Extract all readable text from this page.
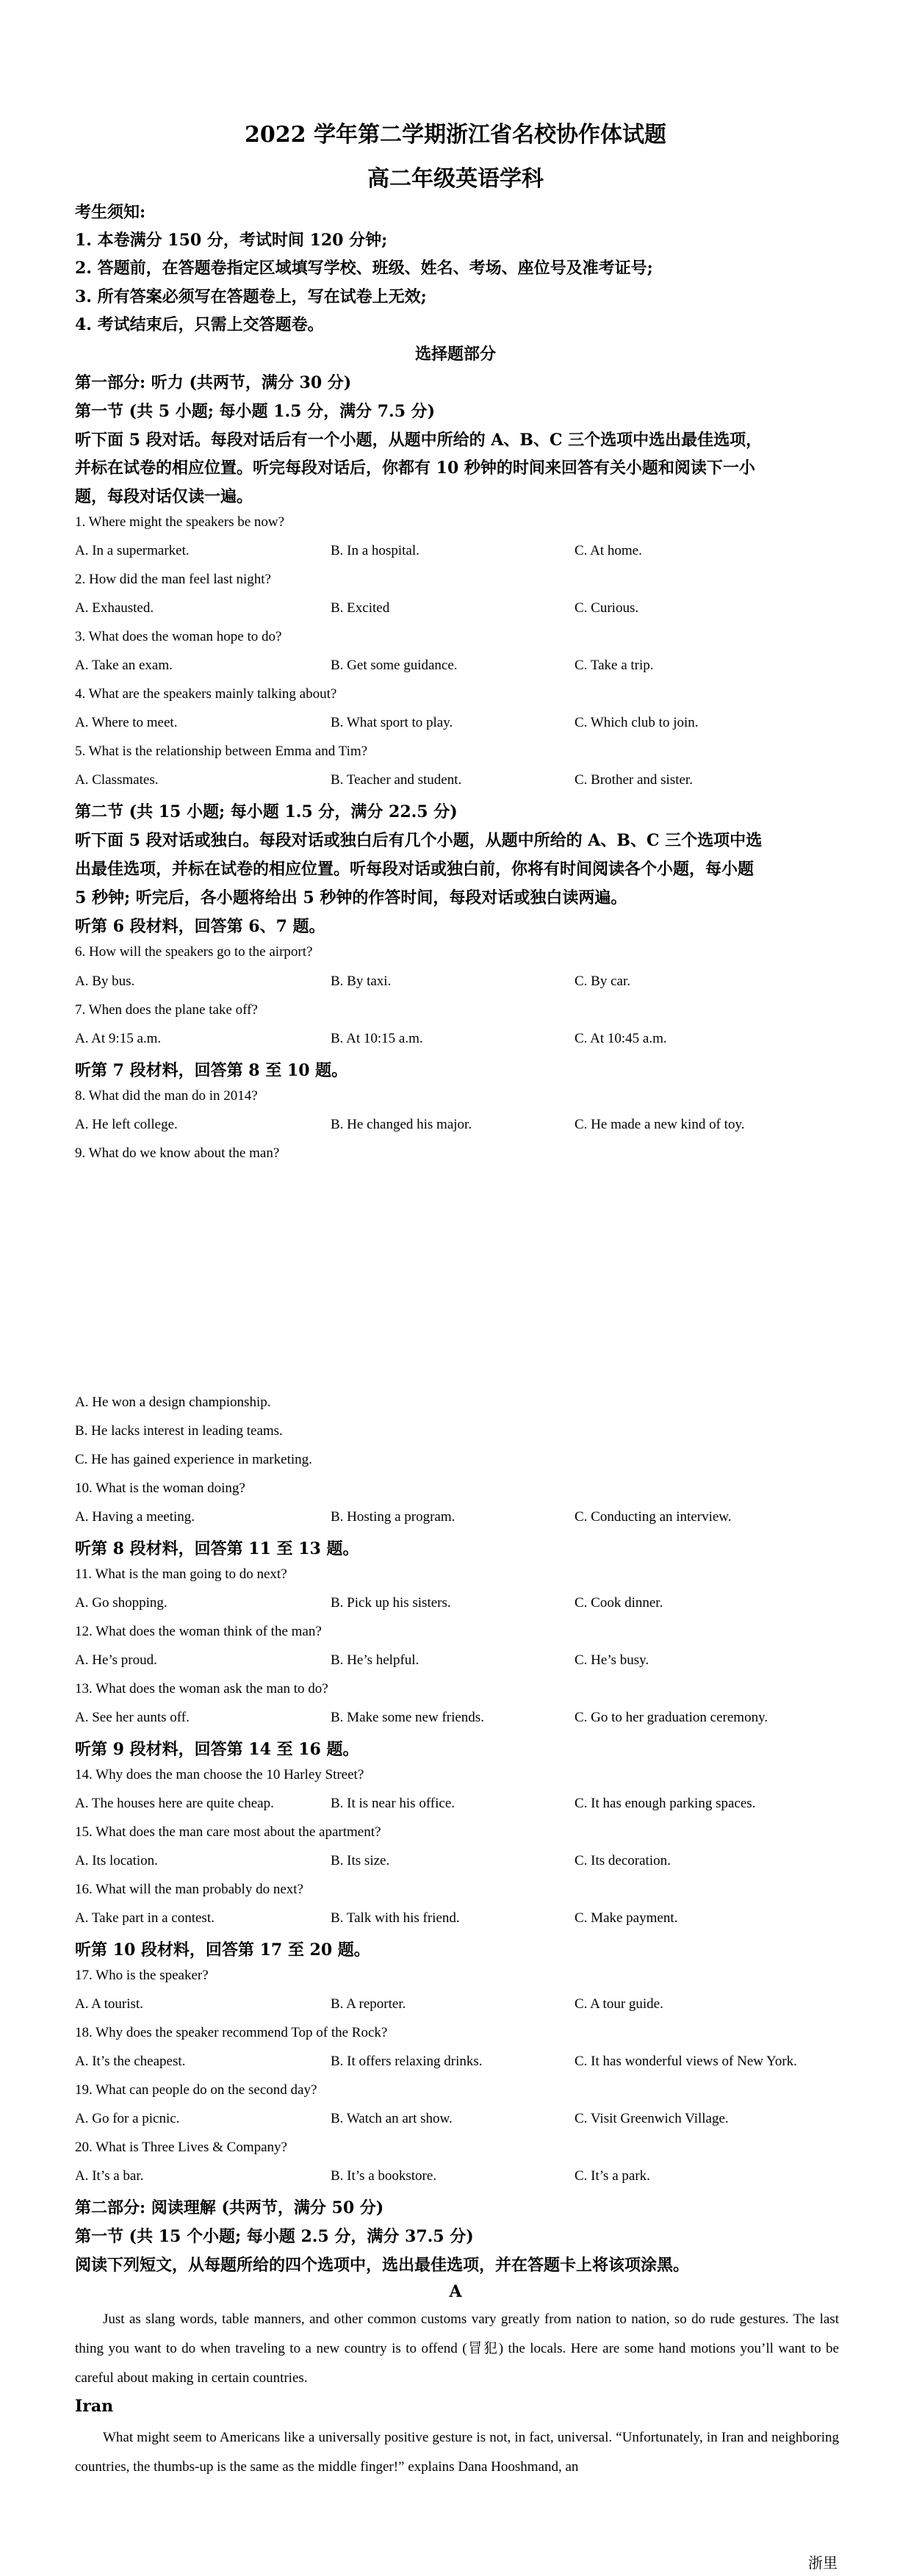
2022 学年第二学期浙江省名校协作体试题
高二年级英语学科
考生须知:
1. 本卷满分 150 分，考试时间 120 分钟;
2. 答题前，在答题卷指定区域填写学校、班级、姓名、考场、座位号及准考证号;
3. 所有答案必须写在答题卷上，写在试卷上无效;
4. 考试结束后，只需上交答题卷。
选择题部分
第一部分: 听力 (共两节，满分 30 分)
第一节 (共 5 小题; 每小题 1.5 分，满分 7.5 分)
听下面 5 段对话。每段对话后有一个小题，从题中所给的 A、B、C 三个选项中选出最佳选项，
并标在试卷的相应位置。听完每段对话后，你都有 10 秒钟的时间来回答有关小题和阅读下一小
题，每段对话仅读一遍。
1. Where might the speakers be now?
A. In a supermarket.	B. In a hospital.	C. At home.
2. How did the man feel last night?
A. Exhausted.	B. Excited	C. Curious.
3. What does the woman hope to do?
A. Take an exam.	B. Get some guidance.	C. Take a trip.
4. What are the speakers mainly talking about?
A. Where to meet.	B. What sport to play.	C. Which club to join.
5. What is the relationship between Emma and Tim?
A. Classmates.	B. Teacher and student.	C. Brother and sister.
第二节 (共 15 小题; 每小题 1.5 分，满分 22.5 分)
听下面 5 段对话或独白。每段对话或独白后有几个小题，从题中所给的 A、B、C 三个选项中选
出最佳选项，并标在试卷的相应位置。听每段对话或独白前，你将有时间阅读各个小题，每小题
5 秒钟; 听完后，各小题将给出 5 秒钟的作答时间，每段对话或独白读两遍。
听第 6 段材料，回答第 6、7 题。
6. How will the speakers go to the airport?
A. By bus.	B. By taxi.	C. By car.
7. When does the plane take off?
A. At 9:15 a.m.	B. At 10:15 a.m.	C. At 10:45 a.m.
听第 7 段材料，回答第 8 至 10 题。
8. What did the man do in 2014?
A. He left college.	B. He changed his major.	C. He made a new kind of toy.
9. What do we know about the man?
A. He won a design championship.
B. He lacks interest in leading teams.
C. He has gained experience in marketing.
10. What is the woman doing?
A. Having a meeting.	B. Hosting a program.	C. Conducting an interview.
听第 8 段材料，回答第 11 至 13 题。
11. What is the man going to do next?
A. Go shopping.	B. Pick up his sisters.	C. Cook dinner.
12. What does the woman think of the man?
A. He’s proud.	B. He’s helpful.	C. He’s busy.
13. What does the woman ask the man to do?
A. See her aunts off.	B. Make some new friends.	C. Go to her graduation ceremony.
听第 9 段材料，回答第 14 至 16 题。
14. Why does the man choose the 10 Harley Street?
A. The houses here are quite cheap.	B. It is near his office.	C. It has enough parking spaces.
15. What does the man care most about the apartment?
A. Its location.	B. Its size.	C. Its decoration.
16. What will the man probably do next?
A. Take part in a contest.	B. Talk with his friend.	C. Make payment.
听第 10 段材料，回答第 17 至 20 题。
17. Who is the speaker?
A. A tourist.	B. A reporter.	C. A tour guide.
18. Why does the speaker recommend Top of the Rock?
A. It’s the cheapest.	B. It offers relaxing drinks.	C. It has wonderful views of New York.
19. What can people do on the second day?
A. Go for a picnic.	B. Watch an art show.	C. Visit Greenwich Village.
20. What is Three Lives & Company?
A. It’s a bar.	B. It’s a bookstore.	C. It’s a park.
第二部分: 阅读理解 (共两节，满分 50 分)
第一节 (共 15 个小题; 每小题 2.5 分，满分 37.5 分)
阅读下列短文，从每题所给的四个选项中，选出最佳选项，并在答题卡上将该项涂黑。
A
Just as slang words, table manners, and other common customs vary greatly from nation to nation, so do rude gestures. The last thing you want to do when traveling to a new country is to offend (冒犯) the locals. Here are some hand motions you’ll want to be careful about making in certain countries.
Iran
What might seem to Americans like a universally positive gesture is not, in fact, universal. “Unfortunately, in Iran and neighboring countries, the thumbs-up is the same as the middle finger!” explains Dana Hooshmand, an
浙里
